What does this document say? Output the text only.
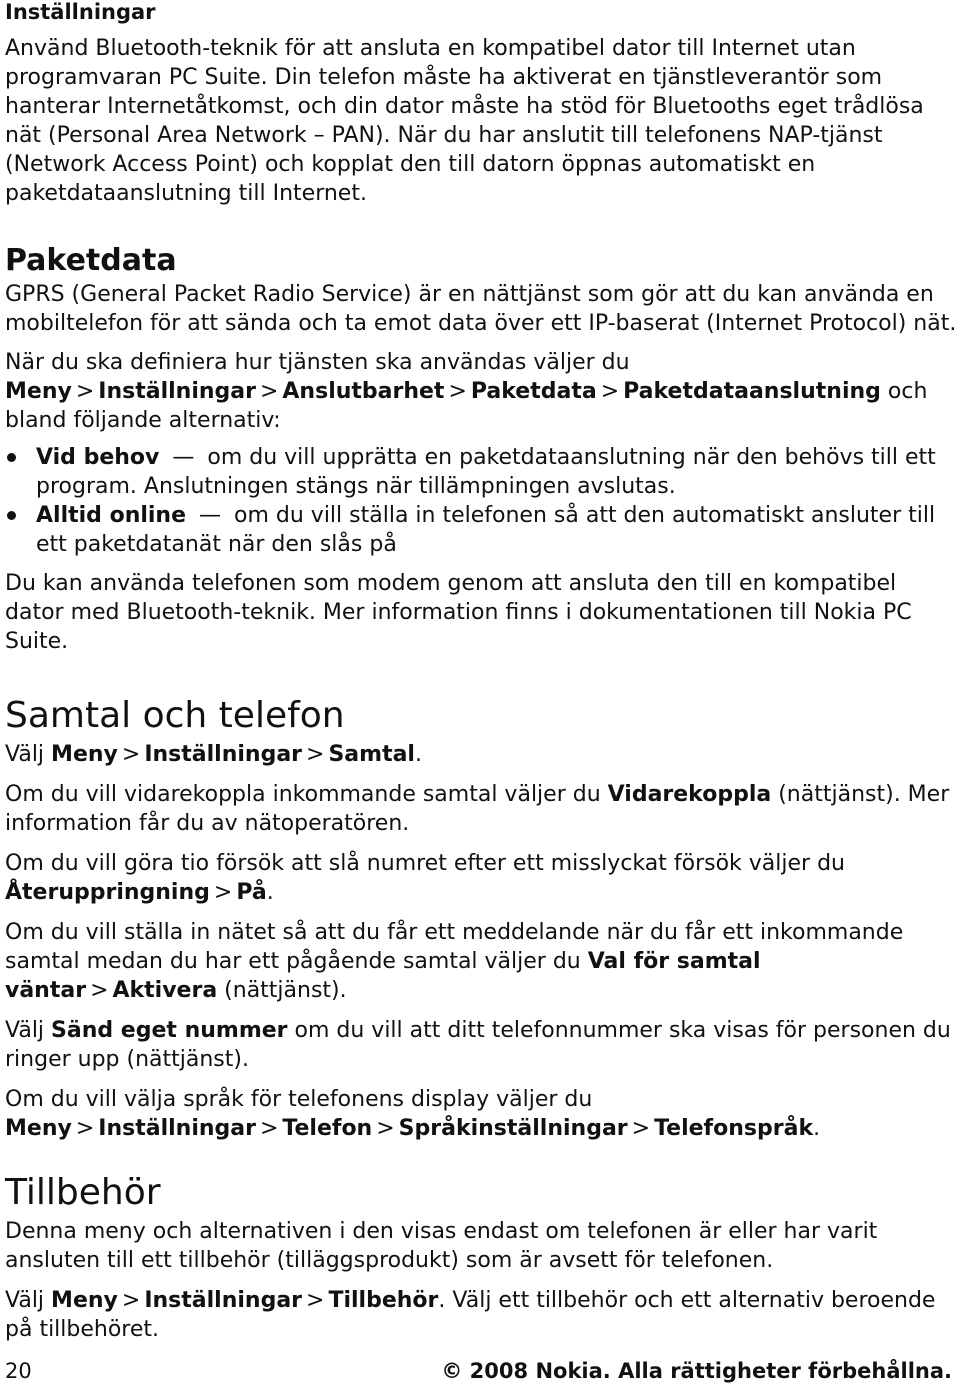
Inställningar

Använd Bluetooth-teknik för att ansluta en kompatibel dator till Internet utan programvaran PC Suite. Din telefon måste ha aktiverat en tjänstleverantör som hanterar Internetåtkomst, och din dator måste ha stöd för Bluetooths eget trådlösa nät (Personal Area Network – PAN). När du har anslutit till telefonens NAP-tjänst (Network Access Point) och kopplat den till datorn öppnas automatiskt en paketdataanslutning till Internet.

Paketdata

GPRS (General Packet Radio Service) är en nättjänst som gör att du kan använda en mobiltelefon för att sända och ta emot data över ett IP-baserat (Internet Protocol) nät.

När du ska definiera hur tjänsten ska användas väljer du Meny > Inställningar > Anslutbarhet > Paketdata > Paketdataanslutning och bland följande alternativ:

Vid behov — om du vill upprätta en paketdataanslutning när den behövs till ett program. Anslutningen stängs när tillämpningen avslutas.
Alltid online — om du vill ställa in telefonen så att den automatiskt ansluter till ett paketdatanät när den slås på

Du kan använda telefonen som modem genom att ansluta den till en kompatibel dator med Bluetooth-teknik. Mer information finns i dokumentationen till Nokia PC Suite.

Samtal och telefon

Välj Meny > Inställningar > Samtal.

Om du vill vidarekoppla inkommande samtal väljer du Vidarekoppla (nättjänst). Mer information får du av nätoperatören.

Om du vill göra tio försök att slå numret efter ett misslyckat försök väljer du Återuppringning > På.

Om du vill ställa in nätet så att du får ett meddelande när du får ett inkommande samtal medan du har ett pågående samtal väljer du Val för samtal väntar > Aktivera (nättjänst).

Välj Sänd eget nummer om du vill att ditt telefonnummer ska visas för personen du ringer upp (nättjänst).

Om du vill välja språk för telefonens display väljer du Meny > Inställningar > Telefon > Språkinställningar > Telefonspråk.

Tillbehör

Denna meny och alternativen i den visas endast om telefonen är eller har varit ansluten till ett tillbehör (tilläggsprodukt) som är avsett för telefonen.

Välj Meny > Inställningar > Tillbehör. Välj ett tillbehör och ett alternativ beroende på tillbehöret.

20	© 2008 Nokia. Alla rättigheter förbehållna.
